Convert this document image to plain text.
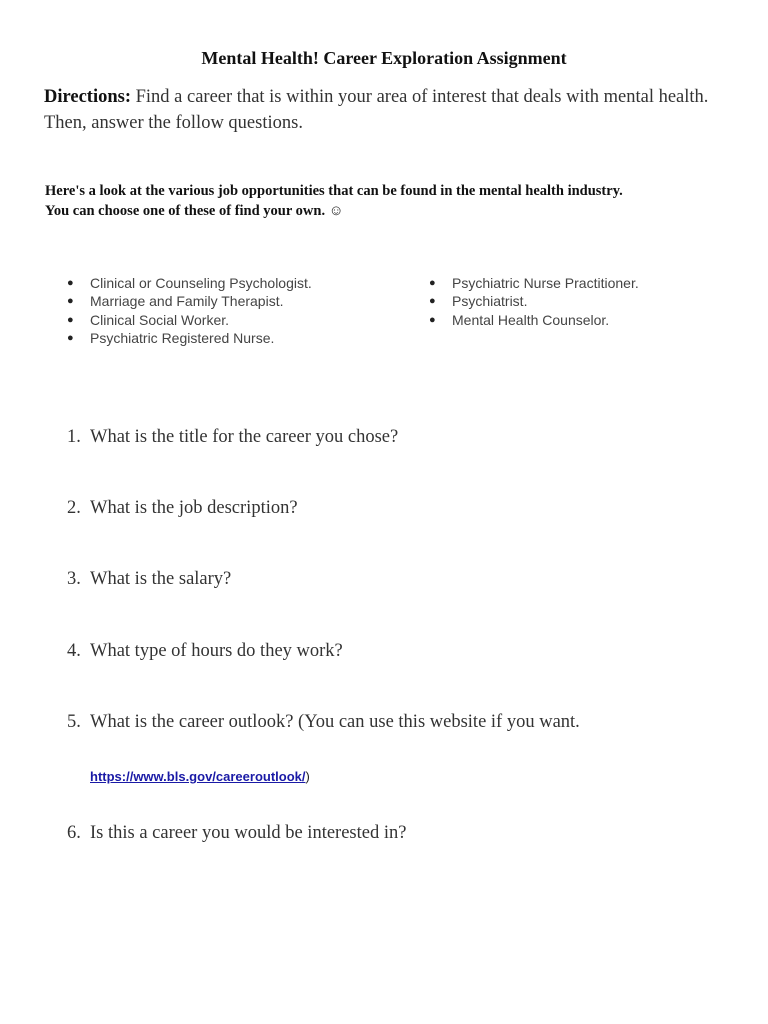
Mental Health! Career Exploration Assignment
Directions: Find a career that is within your area of interest that deals with mental health. Then, answer the follow questions.
Here's a look at the various job opportunities that can be found in the mental health industry.
You can choose one of these of find your own. ☺
● Clinical or Counseling Psychologist.
● Marriage and Family Therapist.
● Clinical Social Worker.
● Psychiatric Registered Nurse.
● Psychiatric Nurse Practitioner.
● Psychiatrist.
● Mental Health Counselor.
1. What is the title for the career you chose?
2. What is the job description?
3. What is the salary?
4. What type of hours do they work?
5. What is the career outlook? (You can use this website if you want.
https://www.bls.gov/careeroutlook/)
6. Is this a career you would be interested in?
